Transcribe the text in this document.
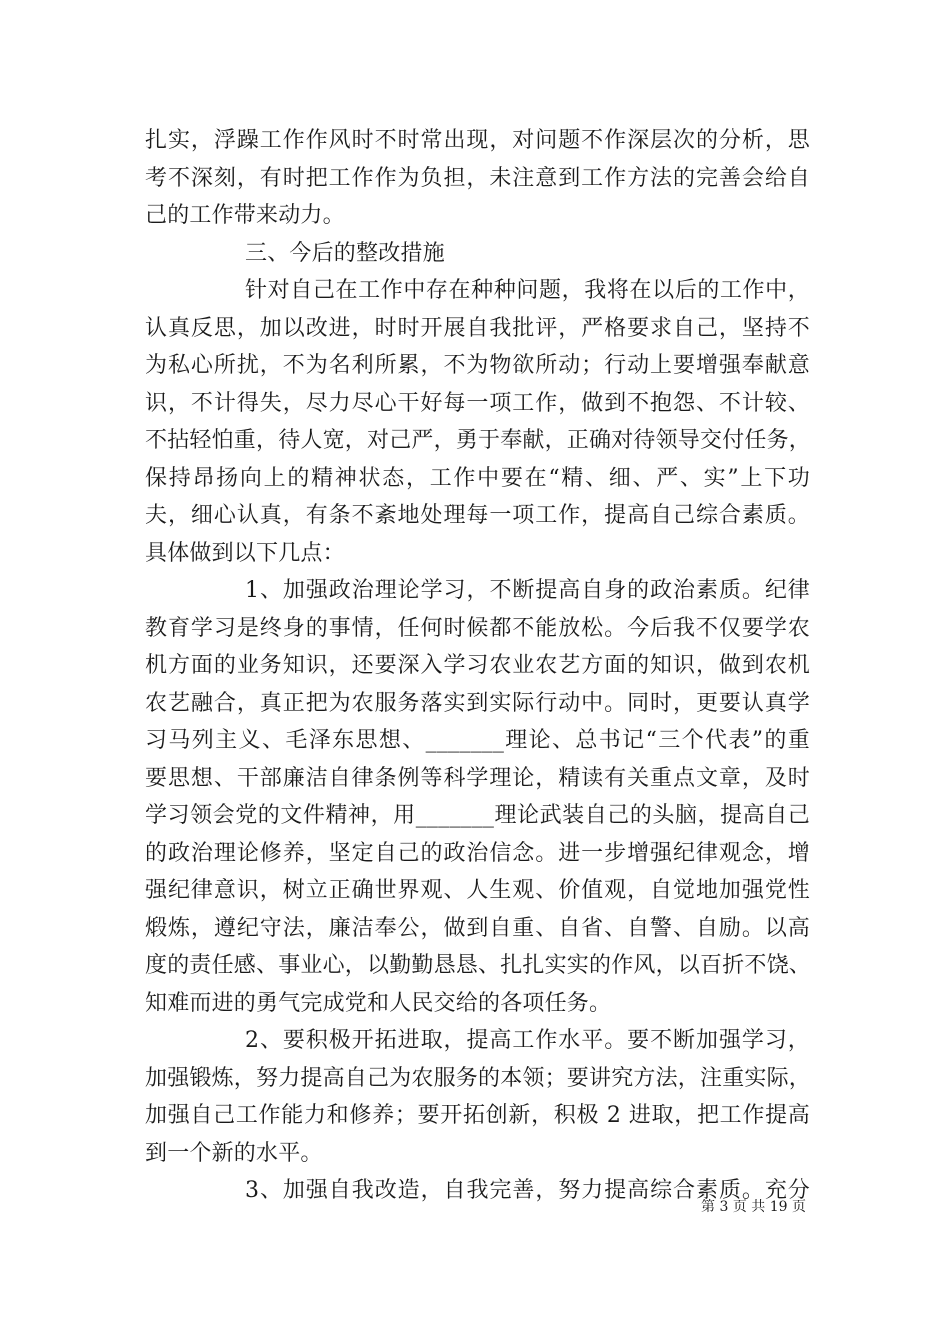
扎实，浮躁工作作风时不时常出现，对问题不作深层次的分析，思
考不深刻，有时把工作作为负担，未注意到工作方法的完善会给自
己的工作带来动力。
三、今后的整改措施
针对自己在工作中存在种种问题，我将在以后的工作中，
认真反思，加以改进，时时开展自我批评，严格要求自己，坚持不
为私心所扰，不为名利所累，不为物欲所动；行动上要增强奉献意
识，不计得失，尽力尽心干好每一项工作，做到不抱怨、不计较、
不拈轻怕重，待人宽，对己严，勇于奉献，正确对待领导交付任务，
保持昂扬向上的精神状态，工作中要在“精、细、严、实”上下功
夫，细心认真，有条不紊地处理每一项工作，提高自己综合素质。
具体做到以下几点：
1、加强政治理论学习，不断提高自身的政治素质。纪律
教育学习是终身的事情，任何时候都不能放松。今后我不仅要学农
机方面的业务知识，还要深入学习农业农艺方面的知识，做到农机
农艺融合，真正把为农服务落实到实际行动中。同时，更要认真学
习马列主义、毛泽东思想、_______理论、总书记“三个代表”的重
要思想、干部廉洁自律条例等科学理论，精读有关重点文章，及时
学习领会党的文件精神，用_______理论武装自己的头脑，提高自己
的政治理论修养，坚定自己的政治信念。进一步增强纪律观念，增
强纪律意识，树立正确世界观、人生观、价值观，自觉地加强党性
煅炼，遵纪守法，廉洁奉公，做到自重、自省、自警、自励。以高
度的责任感、事业心，以勤勤恳恳、扎扎实实的作风，以百折不饶、
知难而进的勇气完成党和人民交给的各项任务。
2、要积极开拓进取，提高工作水平。要不断加强学习，
加强锻炼，努力提高自己为农服务的本领；要讲究方法，注重实际，
加强自己工作能力和修养；要开拓创新，积极 2 进取，把工作提高
到一个新的水平。
3、加强自我改造，自我完善，努力提高综合素质。充分
第 3 页 共 19 页
